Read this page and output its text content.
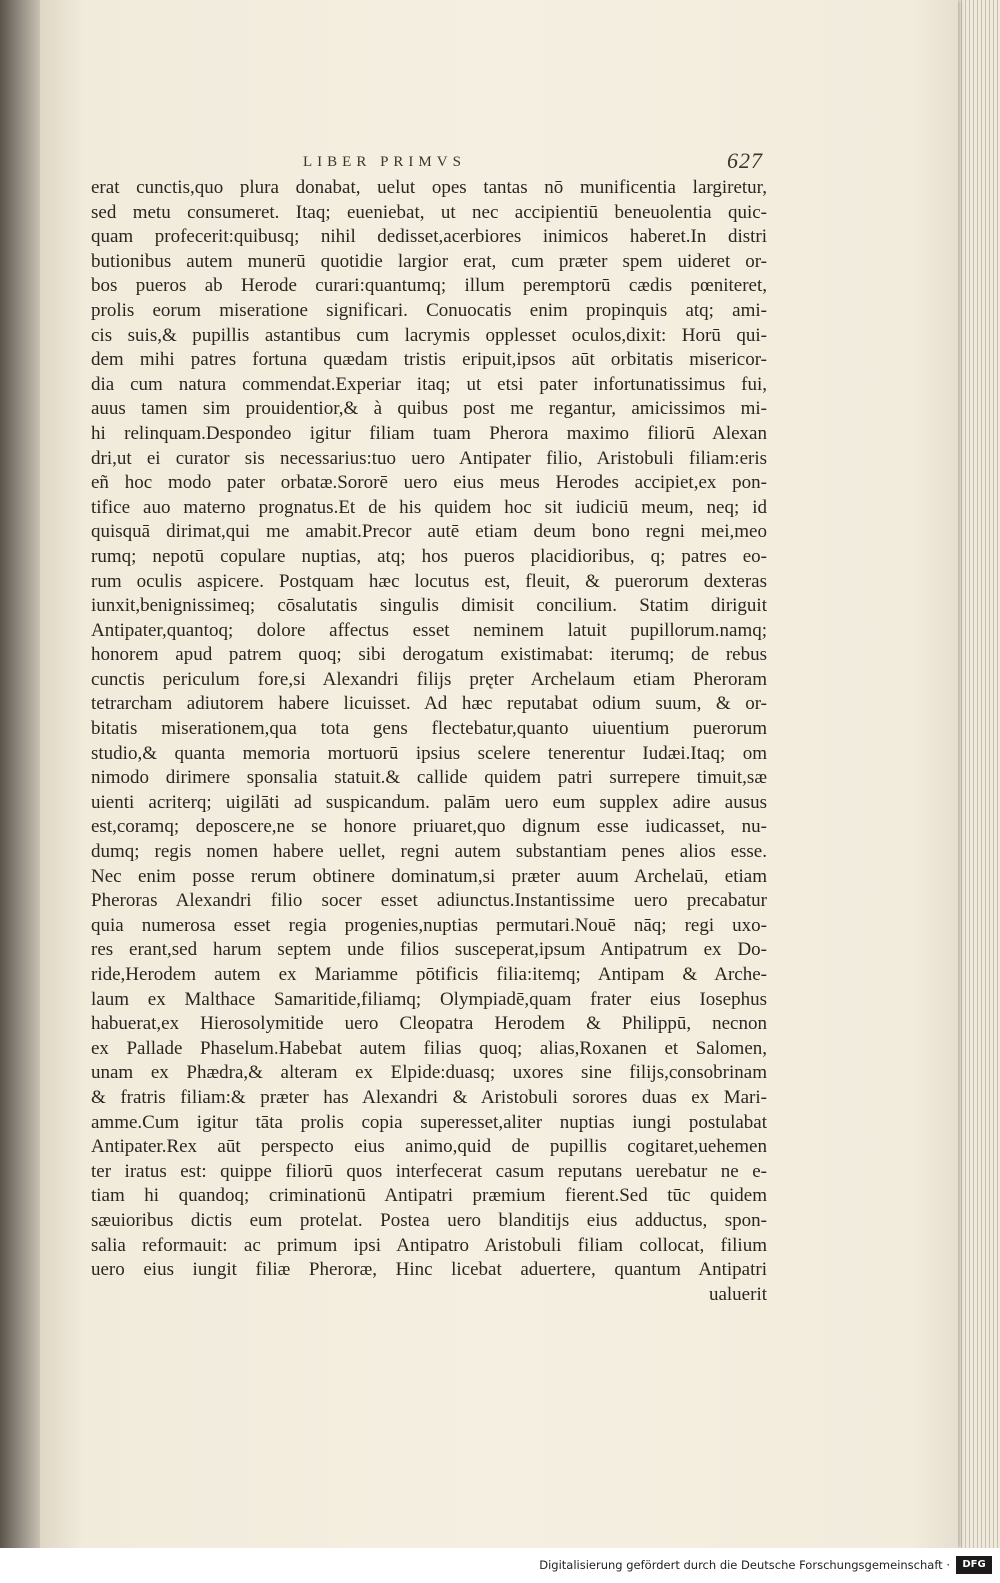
LIBER PRIMVS	627
erat cunctis,quo plura donabat, uelut opes tantas nō munificentia largiretur,
sed metu consumeret. Itaq; eueniebat, ut nec accipientiū beneuolentia quic-
quam profecerit:quibusq; nihil dedisset,acerbiores inimicos haberet.In distri
butionibus autem munerū quotidie largior erat, cum præter spem uideret or-
bos pueros ab Herode curari:quantumq; illum peremptorū cædis pœniteret,
prolis eorum miseratione significari. Conuocatis enim propinquis atq; ami-
cis suis,& pupillis astantibus cum lacrymis opplesset oculos,dixit: Horū qui-
dem mihi patres fortuna quædam tristis eripuit,ipsos aūt orbitatis misericor-
dia cum natura commendat.Experiar itaq; ut etsi pater infortunatissimus fui,
auus tamen sim prouidentior,& à quibus post me regantur, amicissimos mi-
hi relinquam.Despondeo igitur filiam tuam Pherora maximo filiorū Alexan
dri,ut ei curator sis necessarius:tuo uero Antipater filio, Aristobuli filiam:eris
eñ hoc modo pater orbatæ.Sororē uero eius meus Herodes accipiet,ex pon-
tifice auo materno prognatus.Et de his quidem hoc sit iudiciū meum, neq; id
quisquā dirimat,qui me amabit.Precor autē etiam deum bono regni mei,meo
rumq; nepotū copulare nuptias, atq; hos pueros placidioribus, q; patres eo-
rum oculis aspicere. Postquam hæc locutus est, fleuit, & puerorum dexteras
iunxit,benignissimeq; cōsalutatis singulis dimisit concilium. Statim diriguit
Antipater,quantoq; dolore affectus esset neminem latuit pupillorum.namq;
honorem apud patrem quoq; sibi derogatum existimabat: iterumq; de rebus
cunctis periculum fore,si Alexandri filijs pręter Archelaum etiam Pheroram
tetrarcham adiutorem habere licuisset. Ad hæc reputabat odium suum, & or-
bitatis miserationem,qua tota gens flectebatur,quanto uiuentium puerorum
studio,& quanta memoria mortuorū ipsius scelere tenerentur Iudæi.Itaq; om
nimodo dirimere sponsalia statuit.& callide quidem patri surrepere timuit,sæ
uienti acriterq; uigilāti ad suspicandum. palām uero eum supplex adire ausus
est,coramq; deposcere,ne se honore priuaret,quo dignum esse iudicasset, nu-
dumq; regis nomen habere uellet, regni autem substantiam penes alios esse.
Nec enim posse rerum obtinere dominatum,si præter auum Archelaū, etiam
Pheroras Alexandri filio socer esset adiunctus.Instantissime uero precabatur
quia numerosa esset regia progenies,nuptias permutari.Nouē nāq; regi uxo-
res erant,sed harum septem unde filios susceperat,ipsum Antipatrum ex Do-
ride,Herodem autem ex Mariamme pōtificis filia:itemq; Antipam & Arche-
laum ex Malthace Samaritide,filiamq; Olympiadē,quam frater eius Iosephus
habuerat,ex Hierosolymitide uero Cleopatra Herodem & Philippū, necnon
ex Pallade Phaselum.Habebat autem filias quoq; alias,Roxanen et Salomen,
unam ex Phædra,& alteram ex Elpide:duasq; uxores sine filijs,consobrinam
& fratris filiam:& præter has Alexandri & Aristobuli sorores duas ex Mari-
amme.Cum igitur tāta prolis copia superesset,aliter nuptias iungi postulabat
Antipater.Rex aūt perspecto eius animo,quid de pupillis cogitaret,uehemen
ter iratus est: quippe filiorū quos interfecerat casum reputans uerebatur ne e-
tiam hi quandoq; criminationū Antipatri præmium fierent.Sed tūc quidem
sæuioribus dictis eum protelat. Postea uero blanditijs eius adductus, spon-
salia reformauit: ac primum ipsi Antipatro Aristobuli filiam collocat, filium
uero eius iungit filiæ Pheroræ, Hinc licebat aduertere, quantum Antipatri
ualuerit
Digitalisierung gefördert durch die Deutsche Forschungsgemeinschaft ·	DFG
